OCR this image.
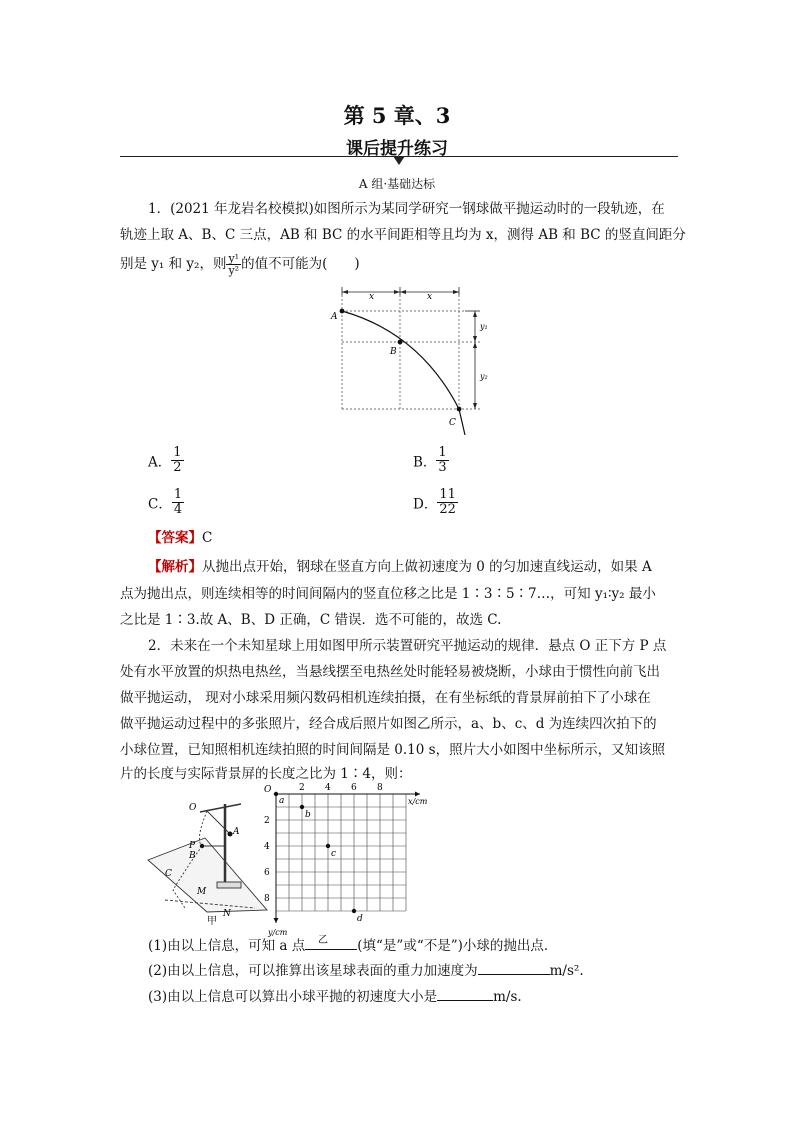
第 5 章、3
课后提升练习
A 组·基础达标
1．(2021 年龙岩名校模拟)如图所示为某同学研究一钢球做平抛运动时的一段轨迹，在
轨迹上取 A、B、C 三点，AB 和 BC 的水平间距相等且均为 x，测得 AB 和 BC 的竖直间距分
别是 y₁ 和 y₂，则 $\frac{\text{y¹}}{\text{y²}}$ 的值不可能为(　　)
x	x
y₁
y₂
A
B
C
A． $\frac{1}{2}$	B． $\frac{1}{3}$
C． $\frac{1}{4}$	D． $\frac{11}{22}$
【答案】C
【解析】从抛出点开始，钢球在竖直方向上做初速度为 0 的匀加速直线运动，如果 A
点为抛出点，则连续相等的时间间隔内的竖直位移之比是 1∶3∶5∶7…，可知 y₁∶y₂ 最小
之比是 1∶3.故 A、B、D 正确，C 错误．选不可能的，故选 C.
2．未来在一个未知星球上用如图甲所示装置研究平抛运动的规律．悬点 O 正下方 P 点
处有水平放置的炽热电热丝，当悬线摆至电热丝处时能轻易被烧断，小球由于惯性向前飞出
做平抛运动， 现对小球采用频闪数码相机连续拍摄，在有坐标纸的背景屏前拍下了小球在
做平抛运动过程中的多张照片，经合成后照片如图乙所示，a、b、c、d 为连续四次拍下的
小球位置，已知照相机连续拍照的时间间隔是 0.10 s，照片大小如图中坐标所示，又知该照
片的长度与实际背景屏的长度之比为 1∶4，则：
O
A
P
B
C
M
N
甲
O	2 4 6 8
2
4
6
8
x/cm
y/cm
乙
a
b
c
d
(1)由以上信息，可知 a 点	(填“是”或“不是”)小球的抛出点．
(2)由以上信息，可以推算出该星球表面的重力加速度为	m/s².
(3)由以上信息可以算出小球平抛的初速度大小是	m/s.
